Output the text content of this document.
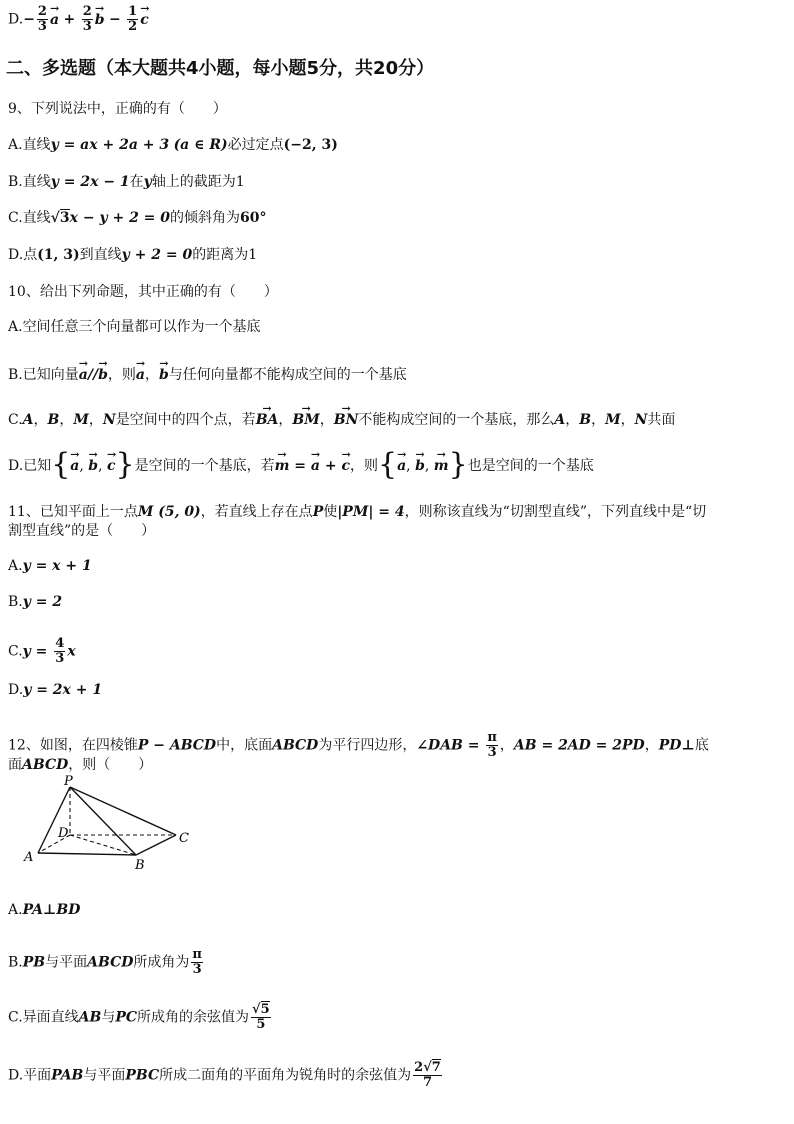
$D.- \frac{2}{3}$
→ $a + \frac{2}{3}$
→ $b - \frac{1}{2}$
→ c
二、多选题（本大题共4小题，每小题5分，共20分）
9、下列说法中，正确的有（　　）
A.直线y = ax + 2a + 3 (a ∈ R)必过定点(−2, 3)
B.直线y = 2x − 1在y轴上的截距为1
C.直线√3x − y + 2 = 0的倾斜角为60°
D.点(1, 3)到直线y + 2 = 0的距离为1
10、给出下列命题，其中正确的有（　　）
A.空间任意三个向量都可以作为一个基底
B.已知向量→ a//→ b，则→ a，→ b与任何向量都不能构成空间的一个基底
C.A，B，M，N是空间中的四个点，若→ BA，→ BM，→ BN不能构成空间的一个基底，那么A，B，M，N共面
D.已知{→ a, → b, → c}是空间的一个基底，若→ m = → a + → c，则{→ a, → b, → m}也是空间的一个基底
11、已知平面上一点M (5, 0)，若直线上存在点P使|PM| = 4，则称该直线为“切割型直线”，下列直线中是“切
割型直线”的是（　　）
A.y = x + 1
B.y = 2
$C.y = \frac{4}{3}$ x
D.y = 2x + 1
12、如图，在四棱锥P − ABCD中，底面ABCD为平行四边形，∠DAB = $\frac{\pi}{3}$ ，AB = 2AD = 2PD，PD⊥底
面ABCD，则（　　）
P
D
A
B
C
A.PA⊥BD
B.PB与平面ABCD所成角为 $\frac{\pi}{3}$
C.异面直线AB与PC所成角的余弦值为 $\frac{√5}{5}$
D.平面PAB与平面PBC所成二面角的平面角为锐角时的余弦值为 $\frac{2√7}{7}$
